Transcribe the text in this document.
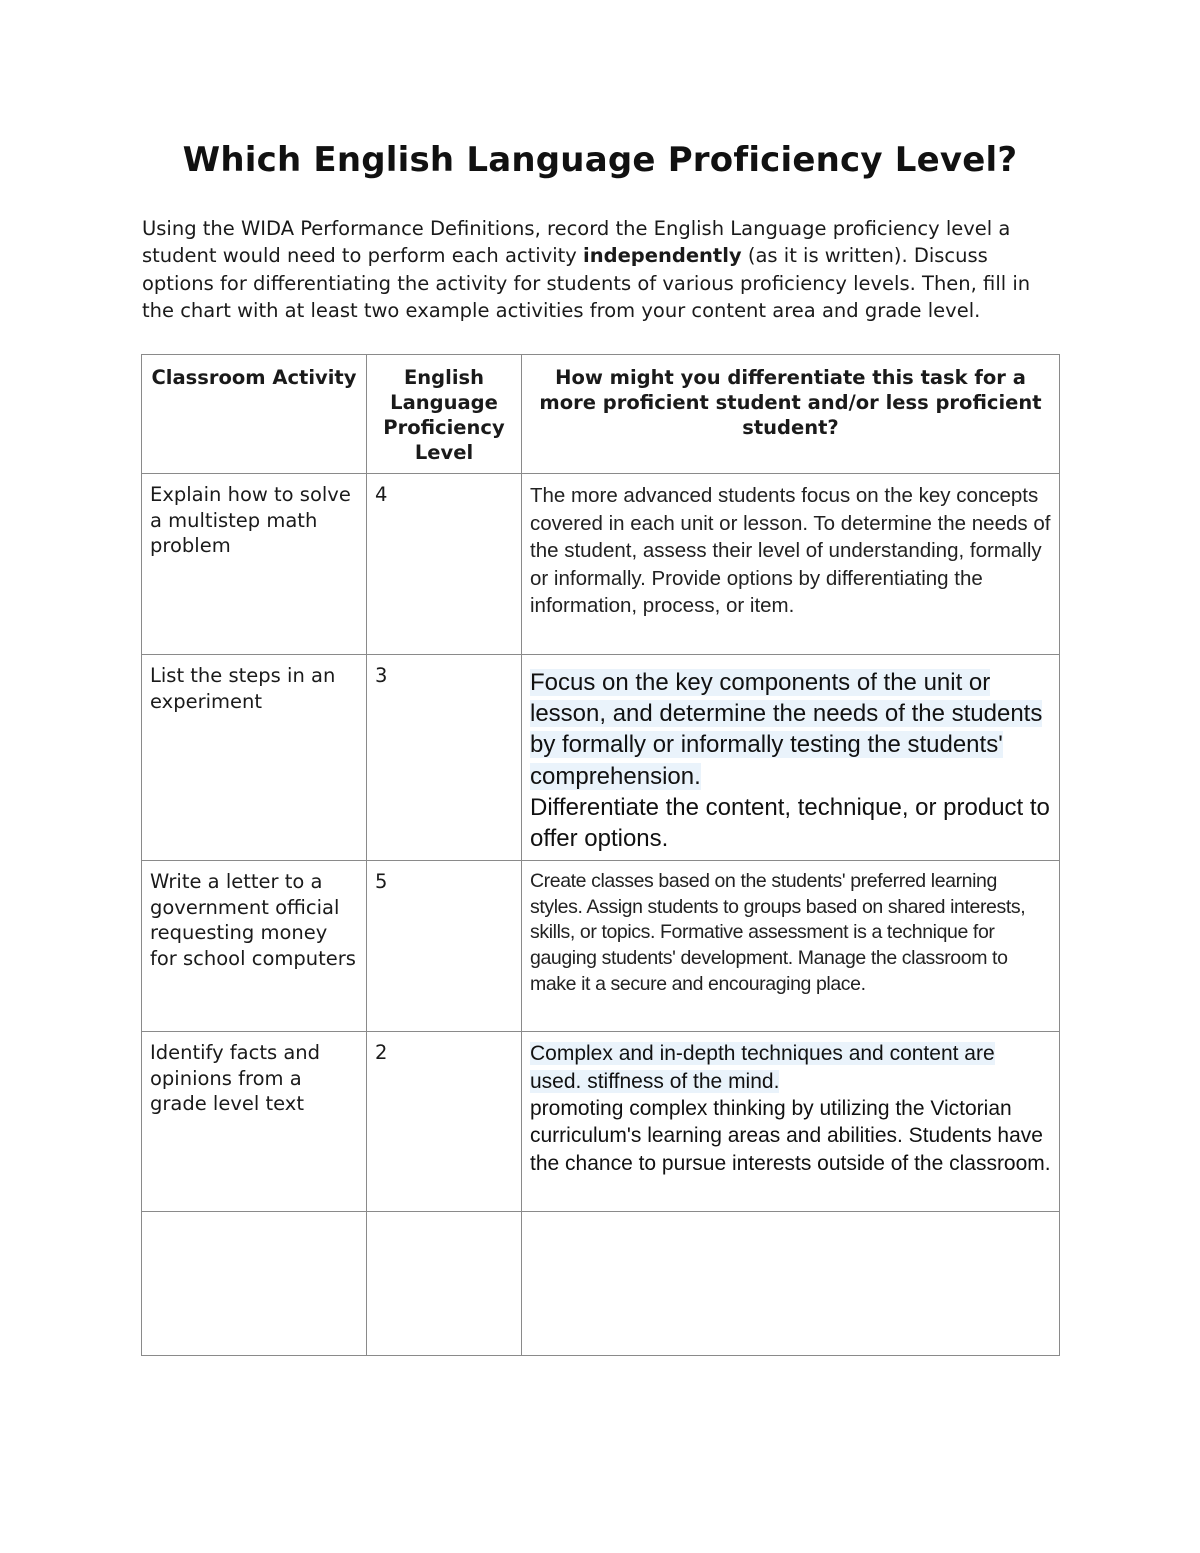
Which English Language Proficiency Level?

Using the WIDA Performance Definitions, record the English Language proficiency level a student would need to perform each activity independently (as it is written). Discuss options for differentiating the activity for students of various proficiency levels. Then, fill in the chart with at least two example activities from your content area and grade level.

Classroom Activity	English Language Proficiency Level	How might you differentiate this task for a more proficient student and/or less proficient student?
Explain how to solve a multistep math problem	4	The more advanced students focus on the key concepts covered in each unit or lesson. To determine the needs of the student, assess their level of understanding, formally or informally. Provide options by differentiating the information, process, or item.
List the steps in an experiment	3	Focus on the key components of the unit or lesson, and determine the needs of the students by formally or informally testing the students' comprehension.
Differentiate the content, technique, or product to offer options.

Write a letter to a government official requesting money for school computers	5	Create classes based on the students' preferred learning styles. Assign students to groups based on shared interests, skills, or topics. Formative assessment is a technique for gauging students' development. Manage the classroom to make it a secure and encouraging place.
Identify facts and opinions from a grade level text	2	Complex and in-depth techniques and content are used. stiffness of the mind.
promoting complex thinking by utilizing the Victorian curriculum's learning areas and abilities. Students have the chance to pursue interests outside of the classroom.
